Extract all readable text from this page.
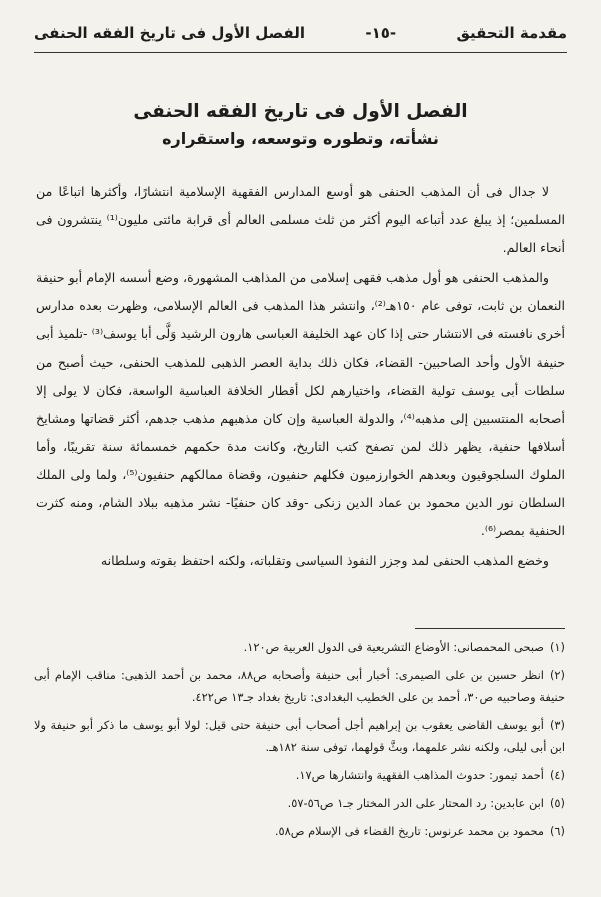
مقدمة التحقيق
-١٥-
الفصل الأول فى تاريخ الفقه الحنفى
الفصل الأول فى تاريخ الفقه الحنفى
نشأته، وتطوره وتوسعه، واستقراره

لا جدال فى أن المذهب الحنفى هو أوسع المدارس الفقهية الإسلامية انتشارًا، وأكثرها اتباعًا من المسلمين؛ إذ يبلغ عدد أتباعه اليوم أكثر من ثلث مسلمى العالم أى قرابة مائتى مليون⁽¹⁾ ينتشرون فى أنحاء العالم.

والمذهب الحنفى هو أول مذهب فقهى إسلامى من المذاهب المشهورة، وضع أسسه الإمام أبو حنيفة النعمان بن ثابت، توفى عام ١٥٠هـ⁽²⁾، وانتشر هذا المذهب فى العالم الإسلامى، وظهرت بعده مدارس أخرى نافسته فى الانتشار حتى إذا كان عهد الخليفة العباسى هارون الرشيد وَلَّى أبا يوسف⁽³⁾ -تلميذ أبى حنيفة الأول وأحد الصاحبين- القضاء، فكان ذلك بداية العصر الذهبى للمذهب الحنفى، حيث أصبح من سلطات أبى يوسف تولية القضاء، واختيارهم لكل أقطار الخلافة العباسية الواسعة، فكان لا يولى إلا أصحابه المنتسبين إلى مذهبه⁽⁴⁾، والدولة العباسية وإن كان مذهبهم مذهب جدهم، أكثر قضاتها ومشايخ أسلافها حنفية، يظهر ذلك لمن تصفح كتب التاريخ، وكانت مدة حكمهم خمسمائة سنة تقريبًا، وأما الملوك السلجوقيون وبعدهم الخوارزميون فكلهم حنفيون، وقضاة ممالكهم حنفيون⁽⁵⁾، ولما ولى الملك السلطان نور الدين محمود بن عماد الدين زنكى -وقد كان حنفيًا- نشر مذهبه ببلاد الشام، ومنه كثرت الحنفية بمصر⁽⁶⁾.

وخضع المذهب الحنفى لمد وجزر النفوذ السياسى وتقلباته، ولكنه احتفظ بقوته وسلطانه

(١)صبحى المحمصانى: الأوضاع التشريعية فى الدول العربية ص١٢٠.

(٢)انظر حسين بن على الصيمرى: أخبار أبى حنيفة وأصحابه ص٨٨، محمد بن أحمد الذهبى: مناقب الإمام أبى حنيفة وصاحبيه ص٣٠، أحمد بن على الخطيب البغدادى: تاريخ بغداد جـ١٣ ص٤٢٢.

(٣)أبو يوسف القاضى يعقوب بن إبراهيم أجل أصحاب أبى حنيفة حتى قيل: لولا أبو يوسف ما ذكر أبو حنيفة ولا ابن أبى ليلى، ولكنه نشر علمهما، وبثَّ قولهما، توفى سنة ١٨٢هـ.

(٤)أحمد تيمور: حدوث المذاهب الفقهية وانتشارها ص١٧.

(٥)ابن عابدين: رد المحتار على الدر المختار جـ١ ص٥٦-٥٧.

(٦)محمود بن محمد عرنوس: تاريخ القضاء فى الإسلام ص٥٨.
